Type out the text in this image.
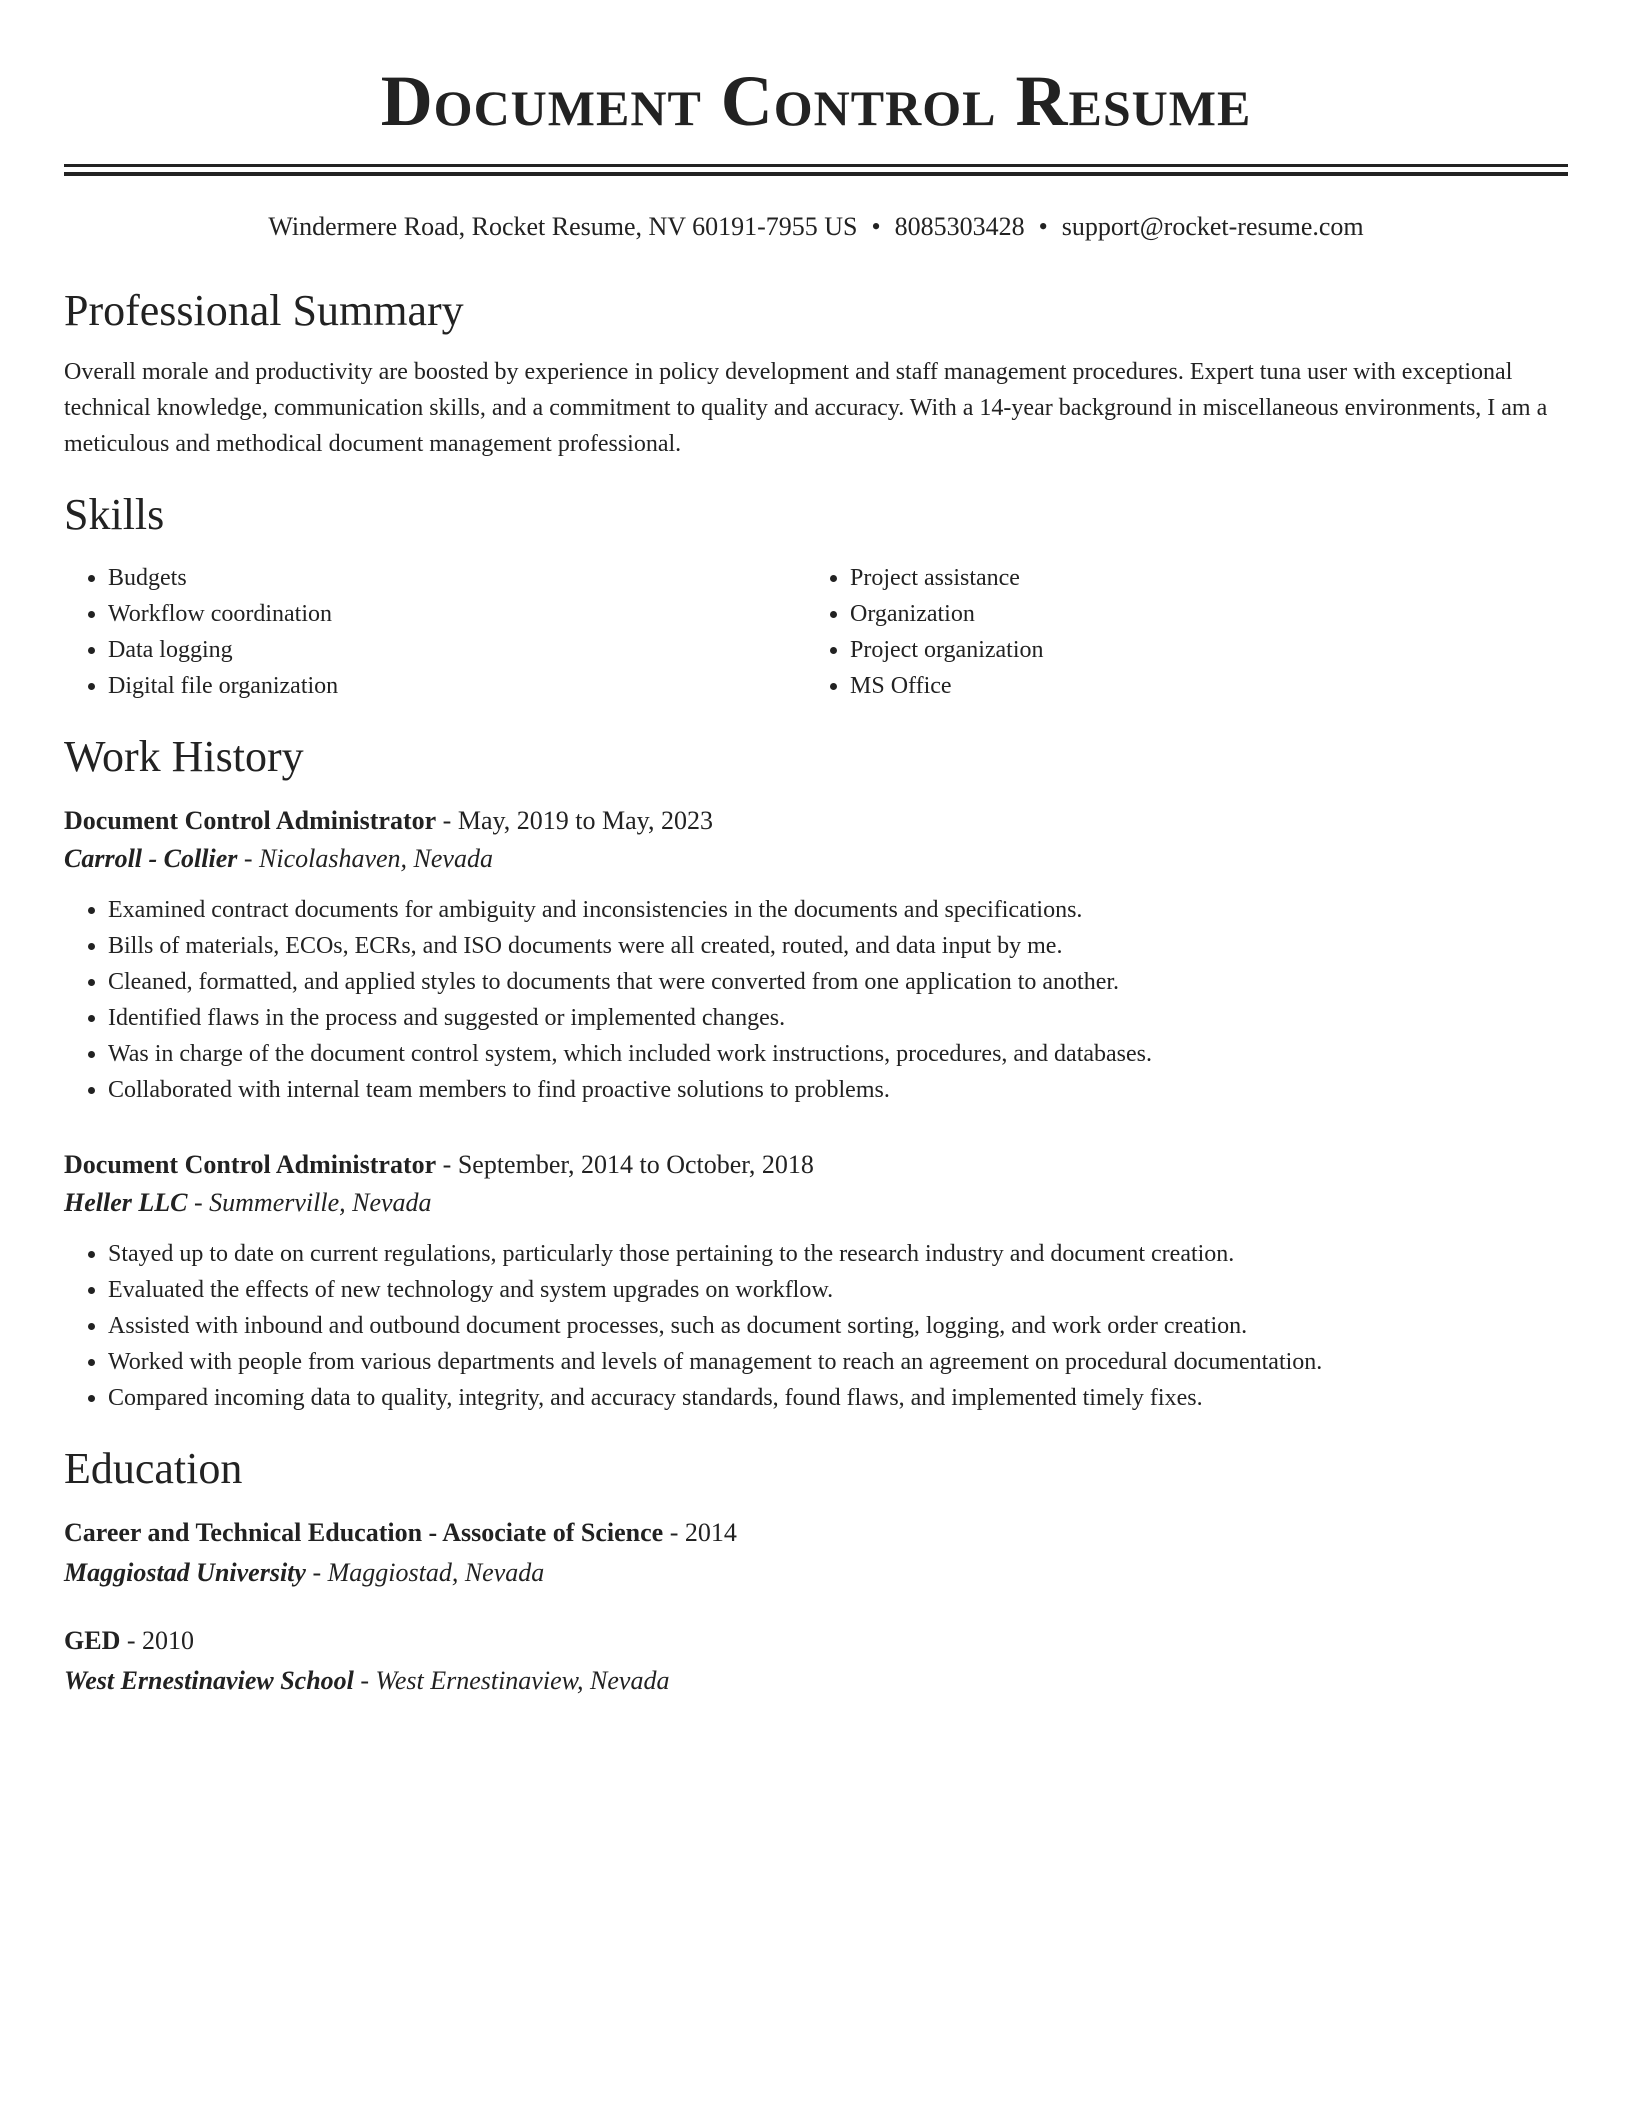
Document Control Resume
Windermere Road, Rocket Resume, NV 60191-7955 US • 8085303428 • support@rocket-resume.com
Professional Summary
Overall morale and productivity are boosted by experience in policy development and staff management procedures. Expert tuna user with exceptional technical knowledge, communication skills, and a commitment to quality and accuracy. With a 14-year background in miscellaneous environments, I am a meticulous and methodical document management professional.
Skills
• Budgets
• Workflow coordination
• Data logging
• Digital file organization
• Project assistance
• Organization
• Project organization
• MS Office
Work History
Document Control Administrator - May, 2019 to May, 2023
Carroll - Collier - Nicolashaven, Nevada
• Examined contract documents for ambiguity and inconsistencies in the documents and specifications.
• Bills of materials, ECOs, ECRs, and ISO documents were all created, routed, and data input by me.
• Cleaned, formatted, and applied styles to documents that were converted from one application to another.
• Identified flaws in the process and suggested or implemented changes.
• Was in charge of the document control system, which included work instructions, procedures, and databases.
• Collaborated with internal team members to find proactive solutions to problems.
Document Control Administrator - September, 2014 to October, 2018
Heller LLC - Summerville, Nevada
• Stayed up to date on current regulations, particularly those pertaining to the research industry and document creation.
• Evaluated the effects of new technology and system upgrades on workflow.
• Assisted with inbound and outbound document processes, such as document sorting, logging, and work order creation.
• Worked with people from various departments and levels of management to reach an agreement on procedural documentation.
• Compared incoming data to quality, integrity, and accuracy standards, found flaws, and implemented timely fixes.
Education
Career and Technical Education - Associate of Science - 2014
Maggiostad University - Maggiostad, Nevada
GED - 2010
West Ernestinaview School - West Ernestinaview, Nevada
